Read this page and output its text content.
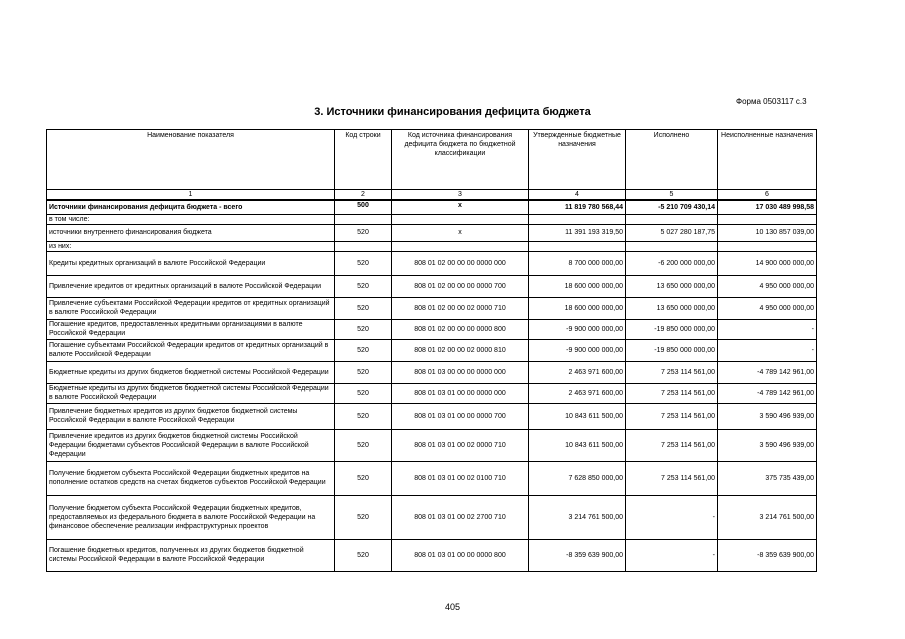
Форма 0503117 с.3
3. Источники финансирования дефицита бюджета
Наименование показателя	Код строки	Код источника финансирования дефицита бюджета по бюджетной классификации	Утвержденные бюджетные назначения	Исполнено	Неисполненные назначения
1	2	3	4	5	6
Источники финансирования дефицита бюджета - всего	500	x	11 819 780 568,44	-5 210 709 430,14	17 030 489 998,58
в том числе:					
источники внутреннего финансирования бюджета	520	x	11 391 193 319,50	5 027 280 187,75	10 130 857 039,00
из них:					
Кредиты кредитных организаций в валюте Российской Федерации	520	808 01 02 00 00 00 0000 000	8 700 000 000,00	-6 200 000 000,00	14 900 000 000,00
Привлечение кредитов от кредитных организаций в валюте Российской Федерации	520	808 01 02 00 00 00 0000 700	18 600 000 000,00	13 650 000 000,00	4 950 000 000,00
Привлечение субъектами Российской Федерации кредитов от кредитных организаций в валюте Российской Федерации	520	808 01 02 00 00 02 0000 710	18 600 000 000,00	13 650 000 000,00	4 950 000 000,00
Погашение кредитов, предоставленных кредитными организациями в валюте Российской Федерации	520	808 01 02 00 00 00 0000 800	-9 900 000 000,00	-19 850 000 000,00	-
Погашение субъектами Российской Федерации кредитов от кредитных организаций в валюте Российской Федерации	520	808 01 02 00 00 02 0000 810	-9 900 000 000,00	-19 850 000 000,00	-
Бюджетные кредиты из других бюджетов бюджетной системы Российской Федерации	520	808 01 03 00 00 00 0000 000	2 463 971 600,00	7 253 114 561,00	-4 789 142 961,00
Бюджетные кредиты из других бюджетов бюджетной системы Российской Федерации в валюте Российской Федерации	520	808 01 03 01 00 00 0000 000	2 463 971 600,00	7 253 114 561,00	-4 789 142 961,00
Привлечение бюджетных кредитов из других бюджетов бюджетной системы Российской Федерации в валюте Российской Федерации	520	808 01 03 01 00 00 0000 700	10 843 611 500,00	7 253 114 561,00	3 590 496 939,00
Привлечение кредитов из других бюджетов бюджетной системы Российской Федерации бюджетами субъектов Российской Федерации в валюте Российской Федерации	520	808 01 03 01 00 02 0000 710	10 843 611 500,00	7 253 114 561,00	3 590 496 939,00
Получение бюджетом субъекта Российской Федерации бюджетных кредитов на пополнение остатков средств на счетах бюджетов субъектов Российской Федерации	520	808 01 03 01 00 02 0100 710	7 628 850 000,00	7 253 114 561,00	375 735 439,00
Получение бюджетом субъекта Российской Федерации бюджетных кредитов, предоставляемых из федерального бюджета в валюте Российской Федерации на финансовое обеспечение реализации инфраструктурных проектов	520	808 01 03 01 00 02 2700 710	3 214 761 500,00	-	3 214 761 500,00
Погашение бюджетных кредитов, полученных из других бюджетов бюджетной системы Российской Федерации в валюте Российской Федерации	520	808 01 03 01 00 00 0000 800	-8 359 639 900,00	-	-8 359 639 900,00
405
